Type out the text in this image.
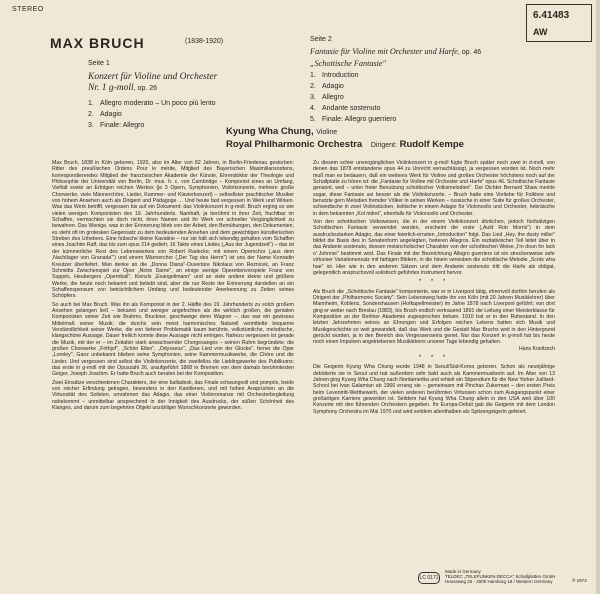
STEREO
6.41483
AW
MAX BRUCH	(1838-1920)
Seite 1
Konzert für Violine und Orchester
Nr. 1 g-moll, op. 26
1. Allegro moderato – Un poco più lento
2. Adagio
3. Finale: Allegro
Seite 2
Fantasie für Violine mit Orchester und Harfe, op. 46
„Schottische Fantasie"
1. Introduction
2. Adagio
3. Allegro
4. Andante sostenuto
5. Finale: Allegro guerriero
Kyung Wha Chung, Violine
Royal Philharmonic Orchestra Dirigent: Rudolf Kempe

Max Bruch, 1838 in Köln geboren, 1920, also im Alter von 82 Jahren, in Berlin-Friedenau gestorben: Ritter des preußischen Ordens Pour le mérite, Mitglied des Bayerischen Maximiliansordens, korrespondierendes Mitglied der französischen Akademie der Künste, Ehrendoktor der Theologie und Philosophie der Universität von Berlin, Dr. mus. h. c. von Cambridge – Komponist eines an Umfang, Vielfalt sowie an Erfolgen reichen Werkes (je 3 Opern, Symphonien, Violinkonzerte, mehrere große Chorwerke, viele Männerchöre, Lieder, Kammer- und Klavierkonzert) – seltsellster prachtischer Musiker von hohem Ansehen auch als Dirigent und Pädagoge … Und heute fast vergessen in Werk und Wirken. Was das Werk betrifft, vergessen bis auf ein Dokument: das Violinkonzert in g-moll. Bruch erging es wie vielen wenigen Komponisten des 19. Jahrhunderts. Namhaft, ja berühmt in ihrer Zeit, fruchtbar im Schaffen, vermochten sie doch nicht, ihren Namen und ihr Werk vor schneller Vergänglichkeit zu bewahren. Das Wenige, was in der Erinnerung blieb von der Arbeit, den Bemühungen, den Dokumenten, es steht oft im grotesken Gegensatz zu dem bedeutenden Ansehen und dem gewichtigen künstlerischen Streben des Urhebers. Eine hübsche kleine Kavatine – nur sie hält sich lebendig gehalten vom Schaffen eines Joachim Raff, das bis zum opus 214 gedieh; 16 Takte eines Liedes („Aus der Jugendzeit") – das ist der kümmerliche Rest des Lebenswerkes von Robert Radecke; mit einem Opernchor („aus dem ‚Nachtlager von Granada'") und einem Männerchor („Der Tag des Herrn") ist uns der Name Konradin Kreutzer überliefert. Man denke an die „Donna Diana"-Ouvertüre Nikolaus von Reznicek, an Franz Schmidts Zwischenspiel zur Oper „Notre Dame", an einige wenige Operettenvorspiele Franz von Suppés, Heubergers „Opernball", Kienzls „Evangelimann" und an viele andere kleine und größere Werke, die heute noch bekannt und beliebt sind, aber die nur Reste der Erinnerung darstellen an ein Schaffenspensum von beträchtlichem Umfang und bedeutender Anerkennung zu Zeiten seines Schöpfers.

So auch bei Max Bruch. Was ihn als Komponist in der 2. Hälfte des 19. Jahrhunderts zu solch großem Ansehen gelangen ließ – bekannt und weniger angefochten als die wirklich großen, die genialen Komponisten seiner Zeit wie Brahms, Bruckner, geschweige denn Wagner –, das war ein gewisses Mittelmaß seiner Musik; die durchs sein meist harmonisches Naturell vermittelte bequeme Verständlichkeit seiner Werke, die von tieferer Problematik kaum berührte, volkstümliche, melodische, klangschöne Aussage. Dauer freilich konnte diese Aussage nicht erringen. Nahezu vergessen ist gerade die Musik, mit der er – im Zeitalter stark anwachsender Chorgesanges – seinen Ruhm begründete: die großen Chorwerke „Frithjof", „Schön Ellen", „Odysseus", „Das Lied von der Glocke", ferner die Oper „Loreley". Ganz unbekannt blieben seine Symphonien, seine Kammermusikwerke, die Chöre und die Lieder. Und vergessen sind selbst die Violinkonzerte, die zweifellos die Lieblingswerke des Publikums: das erste in g-moll mit der Opuszahl 26, uraufgeführt 1868 in Bremen von dem damals berühmtesten Geiger, Joseph Joachim. Er hatte Bruch auch beraten bei der Komposition.

Zwei Einsätze verschiedenen Charakters, der eine balladesk, das Finale schwungvoll und pompös, beide von reicher Erfindung getragen, besonders in den Kantilenen, und mit hohen Ansprüchen an die Virtuosität des Solisten, umrahmen das Adagio, das einer Violinromanze mit Orchesterbegleitung nahekommt – unmittelbar ansprechend in der Innigkeit des Ausdrucks, der süßen Schönheit des Klanges, und darum zum begehrten Objekt unzähliger Wunschkonzerte geworden.

Zu diesem schier unvergänglichen Violinkonzert in g-moll fügte Bruch später noch zwei in d-moll, von denen das 1878 entstandene opus 44 zu Unrecht vernachlässigt, ja vergessen worden ist. Noch mehr muß man es bedauern, daß ein weiteres Werk für Violine und großes Orchester höchstens noch auf der Schallplatte zu hören ist: die „Fantasie für Violine mit Orchester und Harfe" opus 46. Schottische Fantasie genannt, weil – unter freier Benutzung schottischer Volksmelodien". Der Dichter Bernard Shaw meinte sogar, diese Fantasie sei besser als die Violinkonzerte. – Bruch hatte eine Vorliebe für Folklore und benutzte gern Melodien fremder Völker in seinen Werken – russische in einer Suite für großes Orchester, schwedische in zwei Violinstücken, keltische in einem Adagio für Violoncello und Orchester, hebräische in dem bekannten „Kol nidrei", ebenfalls für Violoncello und Orchester.

Von den schottischen Volksweisen, die in der einem Violinkonzert ähnlichen, jedoch fünfsätzigen Schottischen Fantasie verwendet werden, erscheint die erste („Auld Rob Morris") in dem ausdrucksstarken Adagio, das einer feierlich-ernsten „Introduction" folgt. Das Lied „Hey, the dusty miller" bildet die Basis des in Sonatenform angelegten, heiteren Allegros. Ein rezitativischer Teil leitet über in das Andante sostenuto, dessen melancholischer Charakter von der schottischen Weise „I'm doun for lack o' Johnnie" bestimmt wird. Das Finale mit der Bezeichnung Allegro guerriero ist ein streckenweise sehr virtuoser Variationensatz mit farbigen Bildern, in die hinein verwoben die schottische Melodie „Scots wha hae" ist. Hier wie in den anderen Sätzen und dem Andante sostenuto tritt die Harfe als obligat, gelegentlich anspruchsvoll solistisch geführtes Instrument hervor.

* * *

Als Bruch die „Schottische Fantasie" komponierte, war er in Liverpool tätig, ehrenvoll dorthin berufen als Dirigent der „Philharmonic Society". Sein Lebensweg hatte ihn von Köln (mit 20 Jahren Musiklehrer) über Mannheim, Koblenz, Sondershausen (Hofkapellmeister) im Jahre 1878 nach Liverpool geführt; von dort ging er weiter nach Breslau (1883), bis Bruch endlich vertrauend 1891 die Leitung einer Meisterklasse für Komposition an der Berliner Akademie zugesprochen bekam. 1910 trat er in den Ruhestand. In den letzten Jahrzehnten seines an Ehrungen und Erfolgen reichen Lebens hatten sich Musik und Musikgeschichte so weit gewandelt, daß das Werk und die Gestalt Max Bruchs weit in den Hintergrund gerückt wurden, ja in den Bereich des Vergessenseins geriet. Nur das Konzert in g-moll hat bis heute noch einen Impulsen angetriebenen Musiklebens unserer Tage lebendig gehalten.

Hans Koeltzsch

* * *

Die Geigerin Kyung Wha Chung wurde 1948 in Seoul/Süd-Korea geboren. Schon als neunjährige debütierte sie in Seoul und trat außerdem sehr bald auch als Kammermusikerin auf. Im Alter von 13 Jahren ging Kyung Wha Chung nach Nordamerika und erhielt ein Stipendium für die New Yorker Juilliard-School bei Ivan Galamian ab 1966 errang sie – gemeinsam mit Pinchas Zukerman – den ersten Preis beim Leventritt-Wettbewerb, der vielen anderen berühmten Virtuosen schon zum Ausgangspunkt einer großartigen Karriere geworden ist. Seitdem hat Kyung Wha Chung allein in den USA weit über 100 Konzerte mit den führenden Orchestern gegeben. Ihr Europa-Debüt gab die Geigerin mit dem London Symphony Orchestra im Mai 1970 und wird seitdem allenthalben als Spitzengeigerin gefeiert.

LC 0171
Made in Germany
TELDEC „TELEFUNKEN-DECCA" Schallplatten GmbH
Heussweg 25 · 2000 Hamburg 19 / Western Germany	® 1973
